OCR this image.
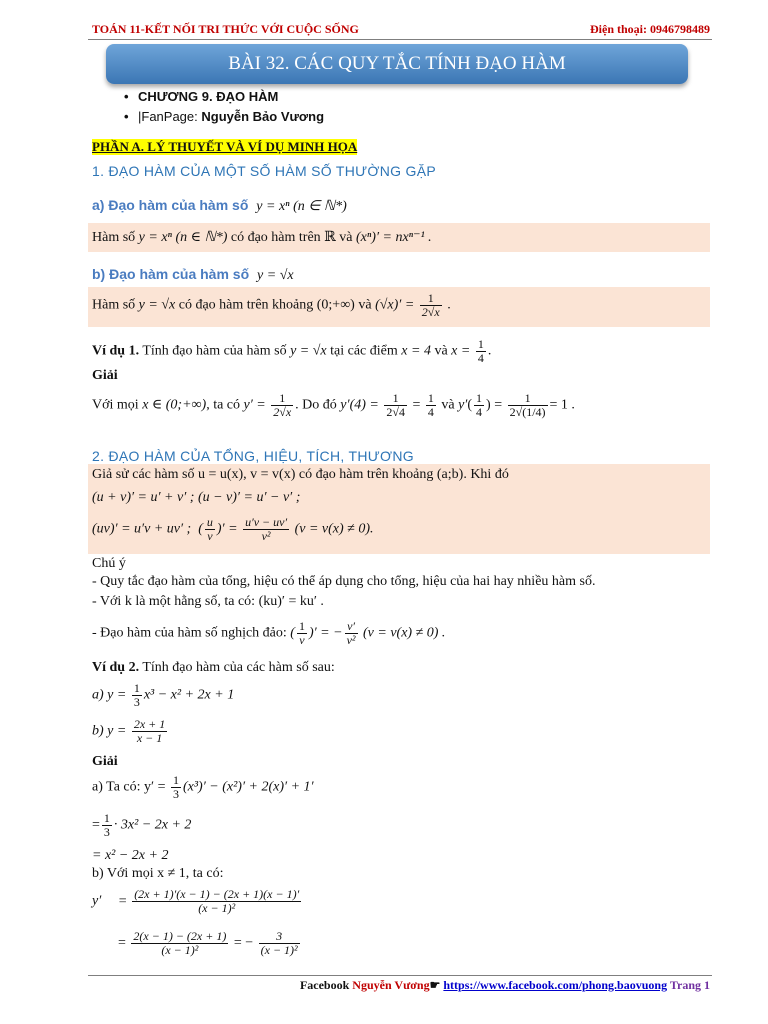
TOÁN 11-KẾT NỐI TRI THỨC VỚI CUỘC SỐNG	Điện thoại: 0946798489
BÀI 32. CÁC QUY TẮC TÍNH ĐẠO HÀM
• CHƯƠNG 9. ĐẠO HÀM
• |FanPage: Nguyễn Bảo Vương
PHẦN A. LÝ THUYẾT VÀ VÍ DỤ MINH HỌA
1. ĐẠO HÀM CỦA MỘT SỐ HÀM SỐ THƯỜNG GẶP
a) Đạo hàm của hàm số y = xⁿ (n ∈ ℕ*)
Hàm số y = xⁿ (n ∈ ℕ*) có đạo hàm trên ℝ và (xⁿ)′ = nxⁿ⁻¹ .
b) Đạo hàm của hàm số y = √x
Hàm số y = √x có đạo hàm trên khoảng (0;+∞) và $(√x)' = \frac{1}{2√x}$ .
Ví dụ 1. Tính đạo hàm của hàm số y = √x tại các điểm x = 4 và $x = \frac{1}{4}$ .
Giải
Với mọi x ∈ (0;+∞), ta có $y' = \frac{1}{2√x}$ . Do đó $y'(4) = \frac{1}{2√4} = \frac{1}{4}$ và $y'( \frac{1}{4}$ ) = $\frac{1}{2√(1/4)} = 1$ .
2. ĐẠO HÀM CỦA TỔNG, HIỆU, TÍCH, THƯƠNG
Giả sử các hàm số u = u(x), v = v(x) có đạo hàm trên khoảng (a;b). Khi đó
(u + v)′ = u′ + v′ ; (u − v)′ = u′ − v′ ;
(uv)′ = u′v + uv′ ;  ( $\frac{u}{v}$ )′ = $\frac{u'v - uv'}{\text{v²}} (v = v(x) \ne 0)$.
Chú ý
- Quy tắc đạo hàm của tổng, hiệu có thể áp dụng cho tổng, hiệu của hai hay nhiều hàm số.
- Với k là một hằng số, ta có: (ku)′ = ku′ .
- Đạo hàm của hàm số nghịch đảo: ( $\frac{1}{v}$ )′ = − $\frac{v'}{\text{v²}} (v = v(x) \ne 0)$ .
Ví dụ 2. Tính đạo hàm của các hàm số sau:
a) $y = \frac{1}{3} x^3 - x^2 + 2x + 1$
b) $y = \frac{2x + 1}{x - 1}$
Giải
a) Ta có: $y' = \frac{1}{3} (x^3)' - (x^2)' + 2(x)' + 1'$
= $\frac{1}{3} \cdot 3x^2 - 2x + 2$
= x² − 2x + 2
b) Với mọi x ≠ 1, ta có:
$y' = \frac{(2x + 1)'(x - 1) - (2x + 1)(x - 1)'}{\text{(x − 1)²}}$
= $\frac{2(x - 1) - (2x + 1)}{\text{(x − 1)²}}$ = − $\frac{3}{\text{(x − 1)²}}$
Facebook Nguyễn Vương☛ https://www.facebook.com/phong.baovuong Trang 1
